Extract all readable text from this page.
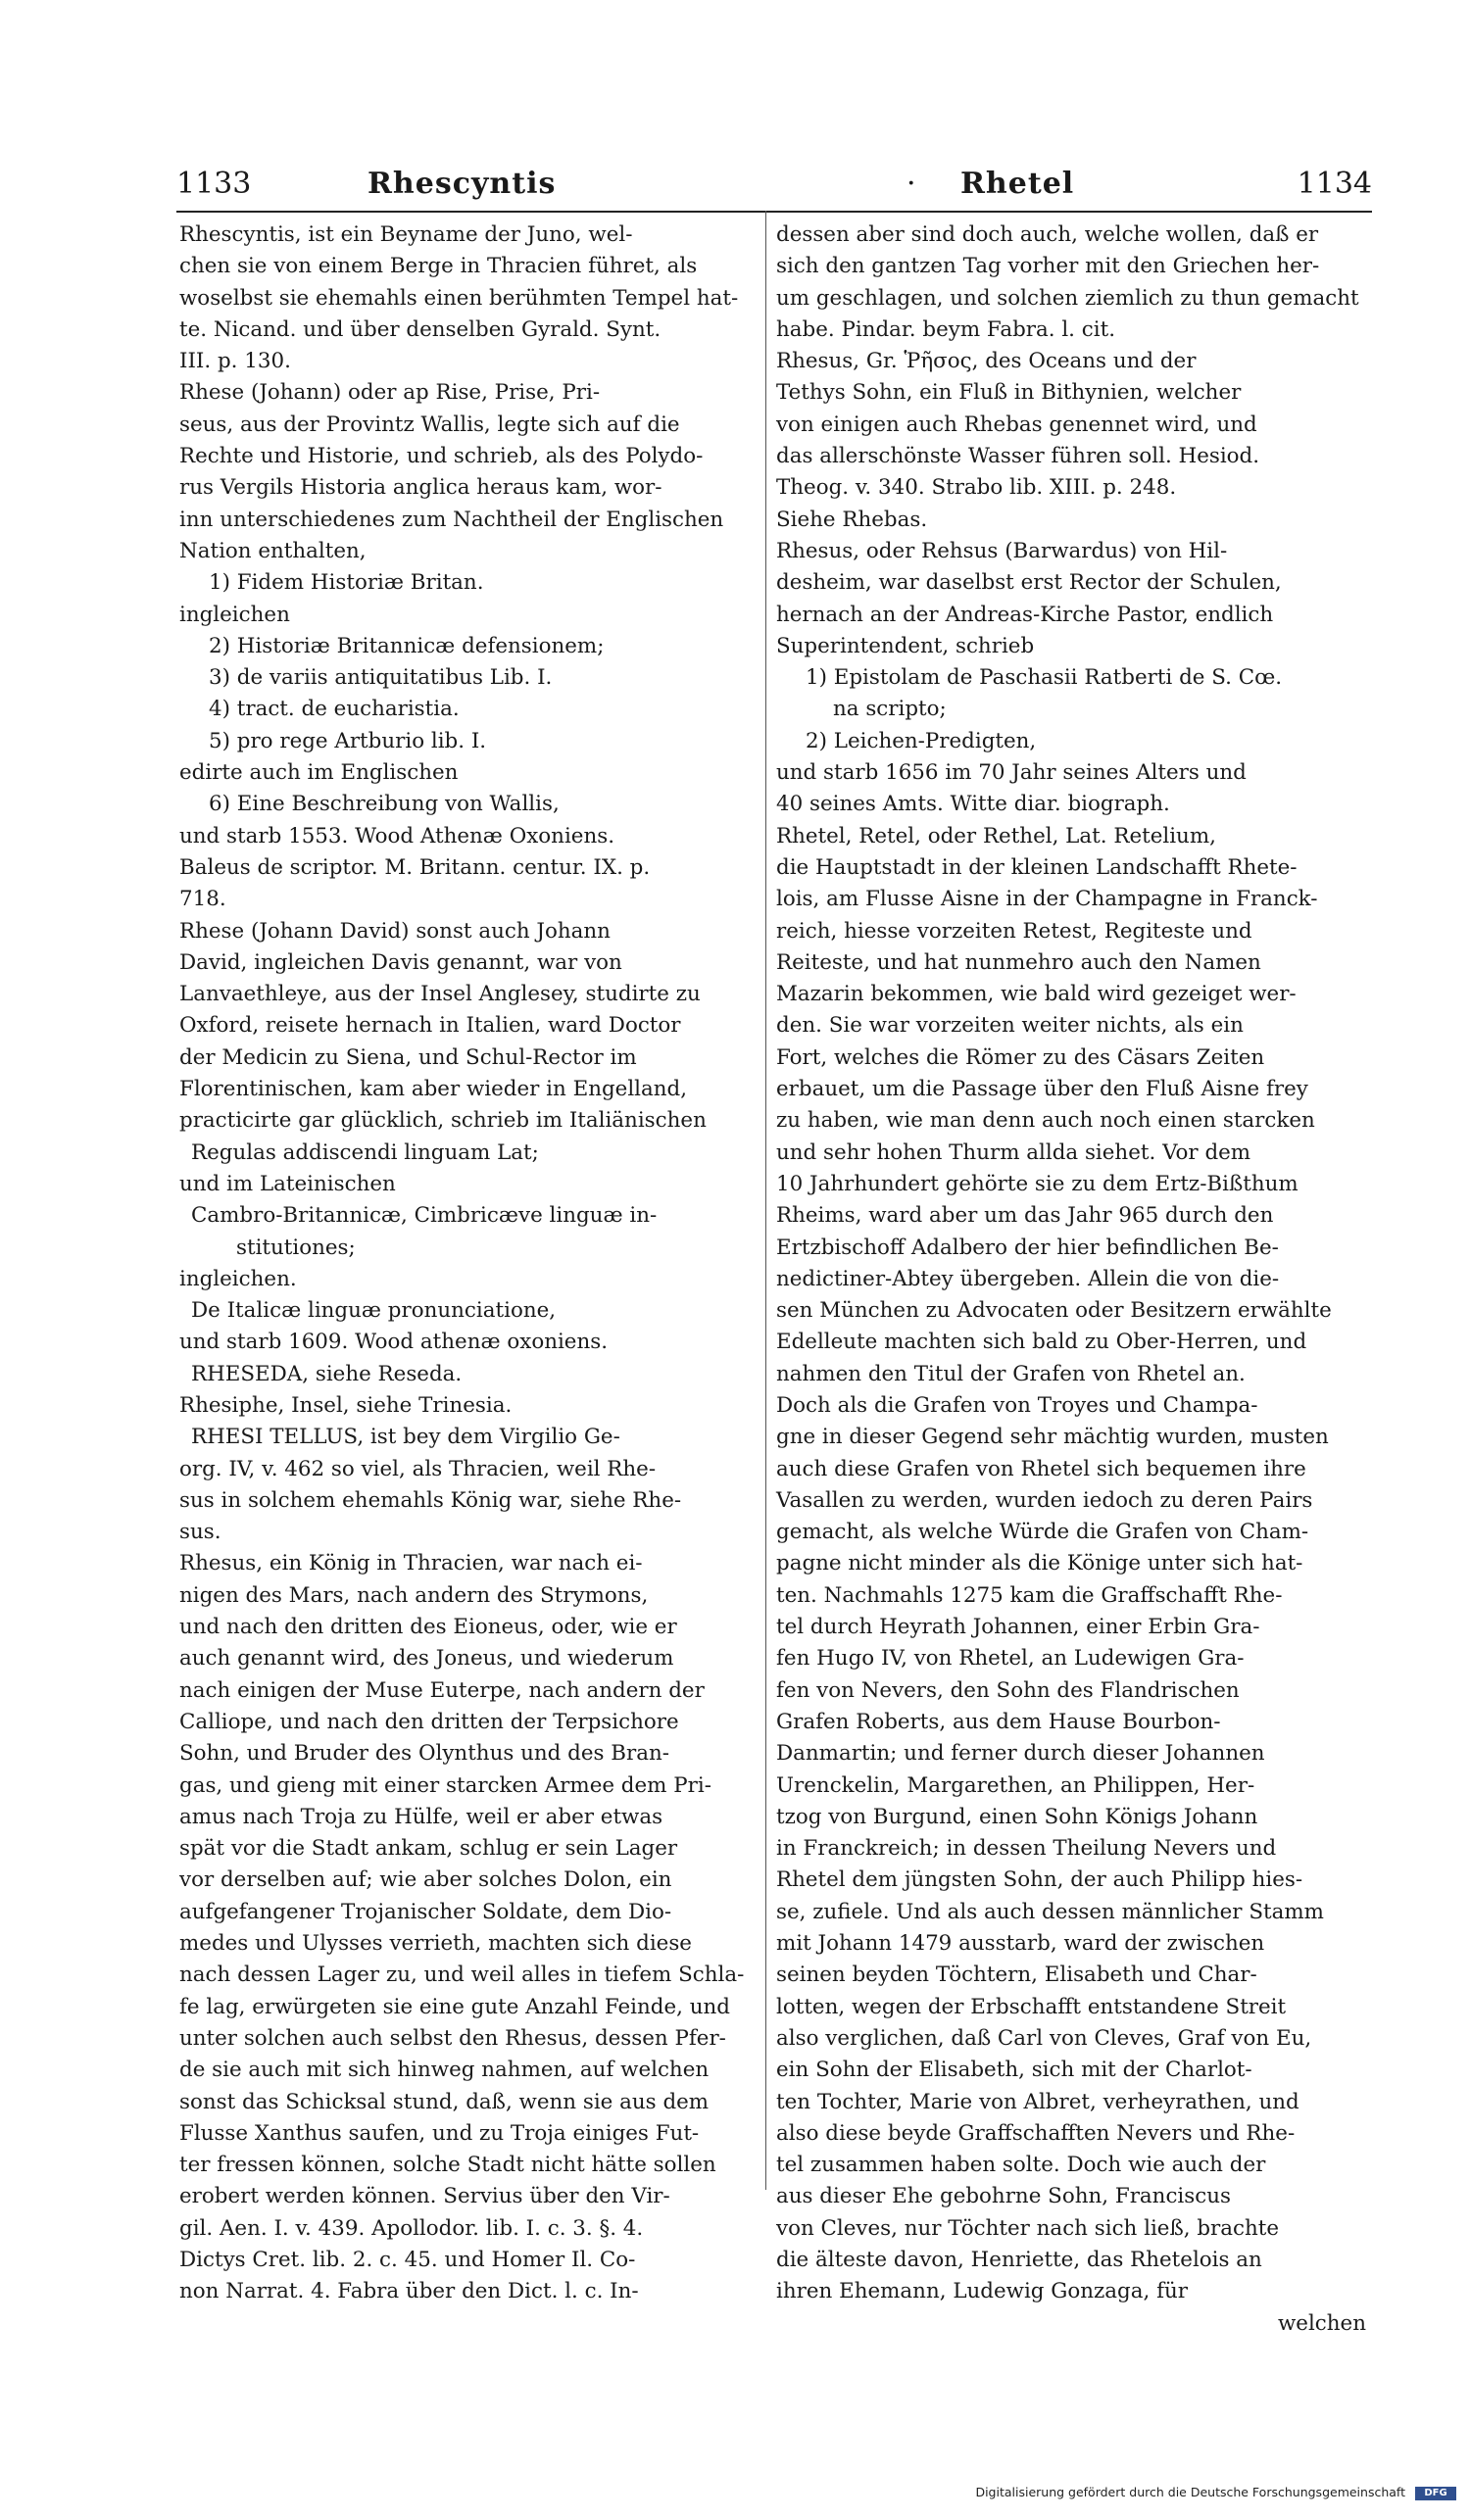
1133	Rhescyntis	· Rhetel	1134
Rhescyntis, ist ein Beyname der Juno, wel-
chen sie von einem Berge in Thracien führet, als
woselbst sie ehemahls einen berühmten Tempel hat-
te. Nicand. und über denselben Gyrald. Synt.
III. p. 130.
Rhese (Johann) oder ap Rise, Prise, Pri-
seus, aus der Provintz Wallis, legte sich auf die
Rechte und Historie, und schrieb, als des Polydo-
rus Vergils Historia anglica heraus kam, wor-
inn unterschiedenes zum Nachtheil der Englischen
Nation enthalten,
1) Fidem Historiæ Britan.
ingleichen
2) Historiæ Britannicæ defensionem;
3) de variis antiquitatibus Lib. I.
4) tract. de eucharistia.
5) pro rege Artburio lib. I.
edirte auch im Englischen
6) Eine Beschreibung von Wallis,
und starb 1553. Wood Athenæ Oxoniens.
Baleus de scriptor. M. Britann. centur. IX. p.
718.
Rhese (Johann David) sonst auch Johann
David, ingleichen Davis genannt, war von
Lanvaethleye, aus der Insel Anglesey, studirte zu
Oxford, reisete hernach in Italien, ward Doctor
der Medicin zu Siena, und Schul-Rector im
Florentinischen, kam aber wieder in Engelland,
practicirte gar glücklich, schrieb im Italiänischen
Regulas addiscendi linguam Lat;
und im Lateinischen
Cambro-Britannicæ, Cimbricæve linguæ in-
stitutiones;
ingleichen.
De Italicæ linguæ pronunciatione,
und starb 1609. Wood athenæ oxoniens.
RHESEDA, siehe Reseda.
Rhesiphe, Insel, siehe Trinesia.
RHESI TELLUS, ist bey dem Virgilio Ge-
org. IV, v. 462 so viel, als Thracien, weil Rhe-
sus in solchem ehemahls König war, siehe Rhe-
sus.
Rhesus, ein König in Thracien, war nach ei-
nigen des Mars, nach andern des Strymons,
und nach den dritten des Eioneus, oder, wie er
auch genannt wird, des Joneus, und wiederum
nach einigen der Muse Euterpe, nach andern der
Calliope, und nach den dritten der Terpsichore
Sohn, und Bruder des Olynthus und des Bran-
gas, und gieng mit einer starcken Armee dem Pri-
amus nach Troja zu Hülfe, weil er aber etwas
spät vor die Stadt ankam, schlug er sein Lager
vor derselben auf; wie aber solches Dolon, ein
aufgefangener Trojanischer Soldate, dem Dio-
medes und Ulysses verrieth, machten sich diese
nach dessen Lager zu, und weil alles in tiefem Schla-
fe lag, erwürgeten sie eine gute Anzahl Feinde, und
unter solchen auch selbst den Rhesus, dessen Pfer-
de sie auch mit sich hinweg nahmen, auf welchen
sonst das Schicksal stund, daß, wenn sie aus dem
Flusse Xanthus saufen, und zu Troja einiges Fut-
ter fressen können, solche Stadt nicht hätte sollen
erobert werden können. Servius über den Vir-
gil. Aen. I. v. 439. Apollodor. lib. I. c. 3. §. 4.
Dictys Cret. lib. 2. c. 45. und Homer Il. Co-
non Narrat. 4. Fabra über den Dict. l. c. In-
dessen aber sind doch auch, welche wollen, daß er
sich den gantzen Tag vorher mit den Griechen her-
um geschlagen, und solchen ziemlich zu thun gemacht
habe. Pindar. beym Fabra. l. cit.
Rhesus, Gr. Ῥῆσος, des Oceans und der
Tethys Sohn, ein Fluß in Bithynien, welcher
von einigen auch Rhebas genennet wird, und
das allerschönste Wasser führen soll. Hesiod.
Theog. v. 340. Strabo lib. XIII. p. 248.
Siehe Rhebas.
Rhesus, oder Rehsus (Barwardus) von Hil-
desheim, war daselbst erst Rector der Schulen,
hernach an der Andreas-Kirche Pastor, endlich
Superintendent, schrieb
1) Epistolam de Paschasii Ratberti de S. Cœ.
na scripto;
2) Leichen-Predigten,
und starb 1656 im 70 Jahr seines Alters und
40 seines Amts. Witte diar. biograph.
Rhetel, Retel, oder Rethel, Lat. Retelium,
die Hauptstadt in der kleinen Landschafft Rhete-
lois, am Flusse Aisne in der Champagne in Franck-
reich, hiesse vorzeiten Retest, Regiteste und
Reiteste, und hat nunmehro auch den Namen
Mazarin bekommen, wie bald wird gezeiget wer-
den. Sie war vorzeiten weiter nichts, als ein
Fort, welches die Römer zu des Cäsars Zeiten
erbauet, um die Passage über den Fluß Aisne frey
zu haben, wie man denn auch noch einen starcken
und sehr hohen Thurm allda siehet. Vor dem
10 Jahrhundert gehörte sie zu dem Ertz-Bißthum
Rheims, ward aber um das Jahr 965 durch den
Ertzbischoff Adalbero der hier befindlichen Be-
nedictiner-Abtey übergeben. Allein die von die-
sen München zu Advocaten oder Besitzern erwählte
Edelleute machten sich bald zu Ober-Herren, und
nahmen den Titul der Grafen von Rhetel an.
Doch als die Grafen von Troyes und Champa-
gne in dieser Gegend sehr mächtig wurden, musten
auch diese Grafen von Rhetel sich bequemen ihre
Vasallen zu werden, wurden iedoch zu deren Pairs
gemacht, als welche Würde die Grafen von Cham-
pagne nicht minder als die Könige unter sich hat-
ten. Nachmahls 1275 kam die Graffschafft Rhe-
tel durch Heyrath Johannen, einer Erbin Gra-
fen Hugo IV, von Rhetel, an Ludewigen Gra-
fen von Nevers, den Sohn des Flandrischen
Grafen Roberts, aus dem Hause Bourbon-
Danmartin; und ferner durch dieser Johannen
Urenckelin, Margarethen, an Philippen, Her-
tzog von Burgund, einen Sohn Königs Johann
in Franckreich; in dessen Theilung Nevers und
Rhetel dem jüngsten Sohn, der auch Philipp hies-
se, zufiele. Und als auch dessen männlicher Stamm
mit Johann 1479 ausstarb, ward der zwischen
seinen beyden Töchtern, Elisabeth und Char-
lotten, wegen der Erbschafft entstandene Streit
also verglichen, daß Carl von Cleves, Graf von Eu,
ein Sohn der Elisabeth, sich mit der Charlot-
ten Tochter, Marie von Albret, verheyrathen, und
also diese beyde Graffschafften Nevers und Rhe-
tel zusammen haben solte. Doch wie auch der
aus dieser Ehe gebohrne Sohn, Franciscus
von Cleves, nur Töchter nach sich ließ, brachte
die älteste davon, Henriette, das Rhetelois an
ihren Ehemann, Ludewig Gonzaga, für
welchen
Digitalisierung gefördert durch die Deutsche Forschungsgemeinschaft DFG
